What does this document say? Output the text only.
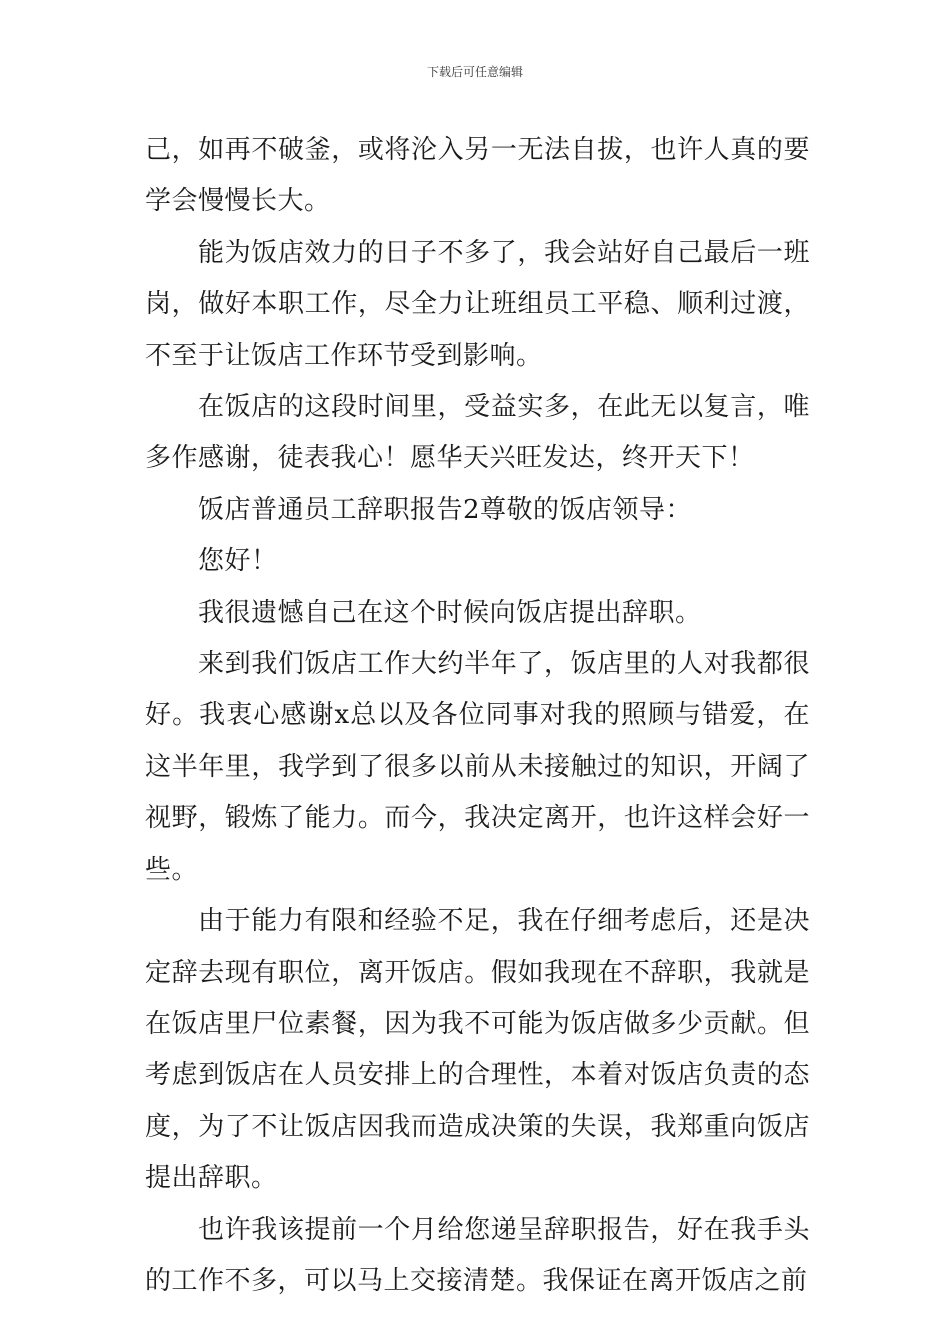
下载后可任意编辑

己，如再不破釜，或将沦入另一无法自拔，也许人真的要学会慢慢长大。

能为饭店效力的日子不多了，我会站好自己最后一班岗，做好本职工作，尽全力让班组员工平稳、顺利过渡，不至于让饭店工作环节受到影响。

在饭店的这段时间里，受益实多，在此无以复言，唯多作感谢，徒表我心！愿华天兴旺发达，终开天下！

饭店普通员工辞职报告2尊敬的饭店领导：

您好！

我很遗憾自己在这个时候向饭店提出辞职。

来到我们饭店工作大约半年了，饭店里的人对我都很好。我衷心感谢x总以及各位同事对我的照顾与错爱，在这半年里，我学到了很多以前从未接触过的知识，开阔了视野，锻炼了能力。而今，我决定离开，也许这样会好一些。

由于能力有限和经验不足，我在仔细考虑后，还是决定辞去现有职位，离开饭店。假如我现在不辞职，我就是在饭店里尸位素餐，因为我不可能为饭店做多少贡献。但考虑到饭店在人员安排上的合理性，本着对饭店负责的态度，为了不让饭店因我而造成决策的失误，我郑重向饭店提出辞职。

也许我该提前一个月给您递呈辞职报告，好在我手头的工作不多，可以马上交接清楚。我保证在离开饭店之前
